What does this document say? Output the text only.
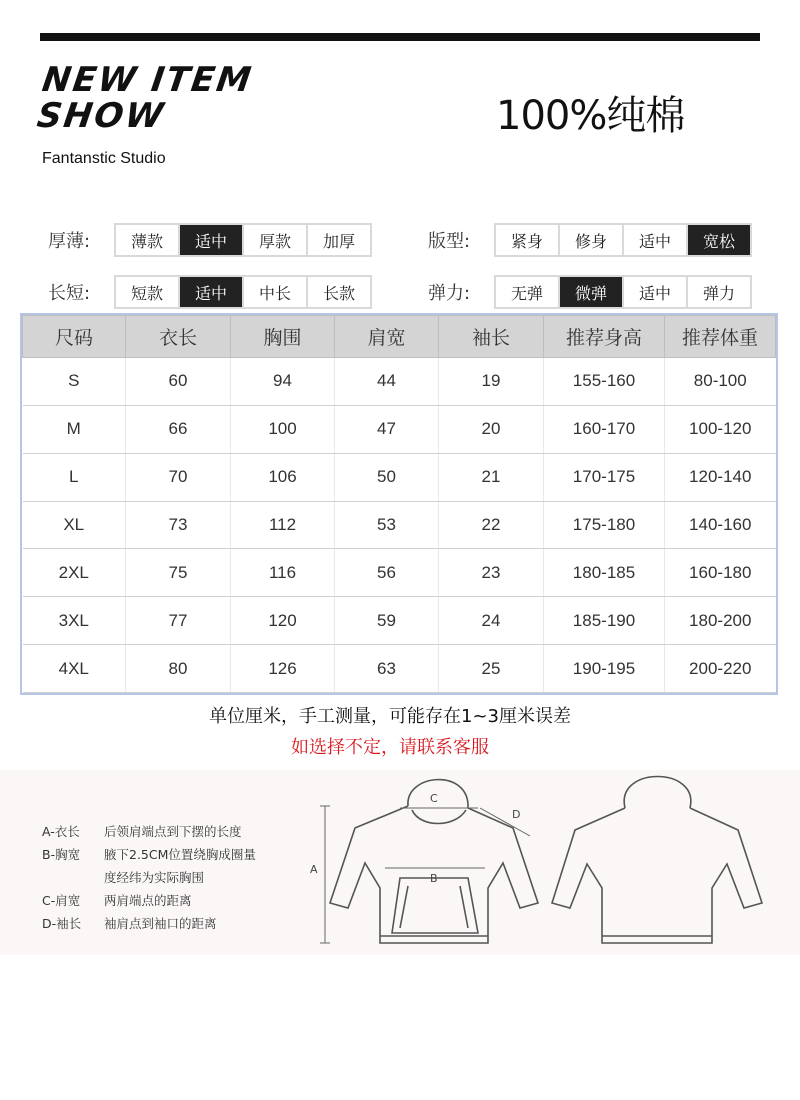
NEW ITEM
SHOW
Fantanstic Studio
100%纯棉
厚薄:	薄款	适中	厚款	加厚	版型:	紧身	修身	适中	宽松
长短:	短款	适中	中长	长款	弹力:	无弹	微弹	适中	弹力
尺码	衣长	胸围	肩宽	袖长	推荐身高	推荐体重
S	60	94	44	19	155-160	80-100
M	66	100	47	20	160-170	100-120
L	70	106	50	21	170-175	120-140
XL	73	112	53	22	175-180	140-160
2XL	75	116	56	23	180-185	160-180
3XL	77	120	59	24	185-190	180-200
4XL	80	126	63	25	190-195	200-220
单位厘米，手工测量，可能存在1~3厘米误差
如选择不定，请联系客服
A-衣长	后领肩端点到下摆的长度
B-胸宽	腋下2.5CM位置绕胸成圈量
度经纬为实际胸围
C-肩宽	两肩端点的距离
D-袖长	袖肩点到袖口的距离
A
B
C
D
